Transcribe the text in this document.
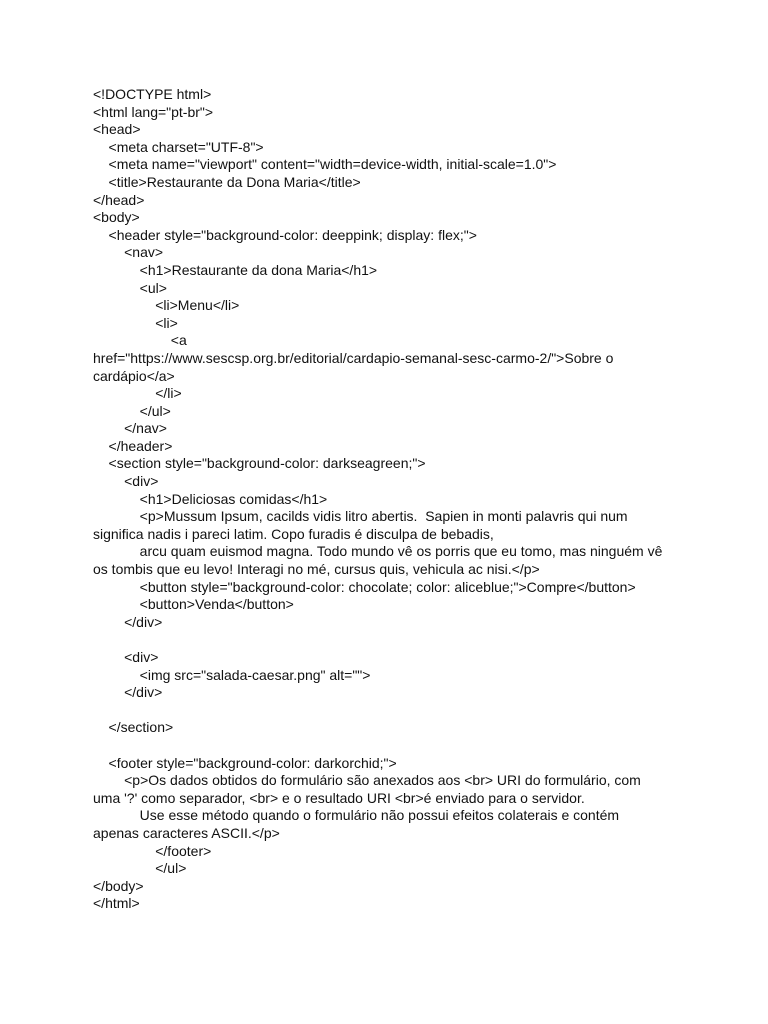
<!DOCTYPE html>
<html lang="pt-br">
<head>
<meta charset="UTF-8">
<meta name="viewport" content="width=device-width, initial-scale=1.0">
<title>Restaurante da Dona Maria</title>
</head>
<body>
<header style="background-color: deeppink; display: flex;">
<nav>
<h1>Restaurante da dona Maria</h1>
<ul>
<li>Menu</li>
<li>
<a
href="https://www.sescsp.org.br/editorial/cardapio-semanal-sesc-carmo-2/">Sobre o
cardápio</a>
</li>
</ul>
</nav>
</header>
<section style="background-color: darkseagreen;">
<div>
<h1>Deliciosas comidas</h1>
<p>Mussum Ipsum, cacilds vidis litro abertis.  Sapien in monti palavris qui num
significa nadis i pareci latim. Copo furadis é disculpa de bebadis,
arcu quam euismod magna. Todo mundo vê os porris que eu tomo, mas ninguém vê
os tombis que eu levo! Interagi no mé, cursus quis, vehicula ac nisi.</p>
<button style="background-color: chocolate; color: aliceblue;">Compre</button>
<button>Venda</button>
</div>
<div>
<img src="salada-caesar.png" alt="">
</div>
</section>
<footer style="background-color: darkorchid;">
<p>Os dados obtidos do formulário são anexados aos <br> URI do formulário, com
uma '?' como separador, <br> e o resultado URI <br>é enviado para o servidor.
Use esse método quando o formulário não possui efeitos colaterais e contém
apenas caracteres ASCII.</p>
</footer>
</ul>
</body>
</html>
